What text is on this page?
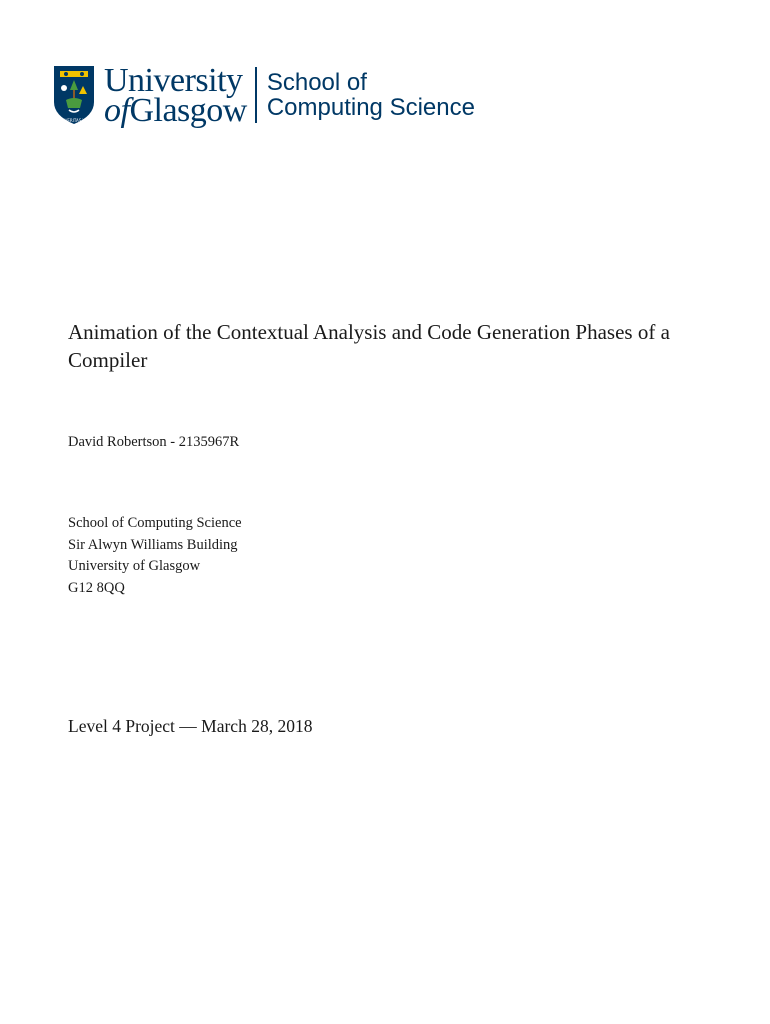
VIA VERITAS VITA
University
ofGlasgow
School of
Computing Science
Animation of the Contextual Analysis and Code Generation Phases of a Compiler

David Robertson - 2135967R

School of Computing Science
Sir Alwyn Williams Building
University of Glasgow
G12 8QQ

Level 4 Project — March 28, 2018
